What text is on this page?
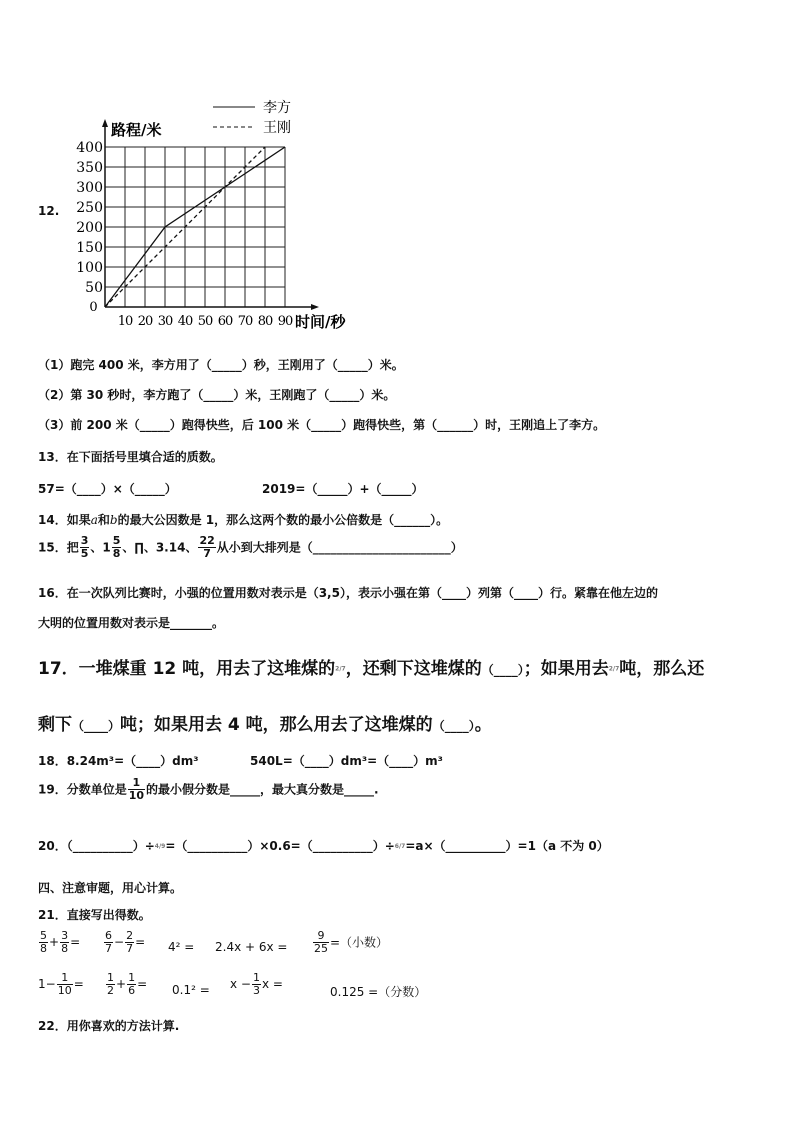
12.
李方
王刚
50
100
150
200
250
300
350
400
0
10 20 30 40 50 60 70 80 90
路程/米
时间/秒
（1）跑完 400 米，李方用了（_____）秒，王刚用了（_____）米。
（2）第 30 秒时，李方跑了（_____）米，王刚跑了（_____）米。
（3）前 200 米（_____）跑得快些，后 100 米（_____）跑得快些，第（______）时，王刚追上了李方。
13．在下面括号里填合适的质数。
57=（____）×（_____）	2019=（_____）+（_____）
14．如果a和b的最大公因数是 1，那么这两个数的最小公倍数是（______）。
15．把 $\frac{3}{5}$ 、$1 \frac{5}{8}$ 、∏、3.14、 $\frac{22}{7}$ 从小到大排列是（_______________________）
16．在一次队列比赛时，小强的位置用数对表示是（3,5），表示小强在第（____）列第（____）行。紧靠在他左边的
大明的位置用数对表示是_______。
17．一堆煤重 12 吨，用去了这堆煤的2/7，还剩下这堆煤的（____）；如果用去2/7吨，那么还
剩下（____）吨；如果用去 4 吨，那么用去了这堆煤的（____）。
18．8.24m³=（____）dm³	540L=（____）dm³=（____）m³
19．分数单位是 $\frac{1}{10}$ 的最小假分数是_____，最大真分数是_____.
20．（__________）÷4/9=（__________）×0.6=（__________）÷6/7=a×（__________）=1（a 不为 0）
四、注意审题，用心计算。
21．直接写出得数。
$\frac{5}{8} + \frac{3}{8} = \frac{6}{7} - \frac{2}{7} = 4^2 = 2.4x + 6x = \frac{9}{25}$ =（小数）
$1- \frac{1}{10} = \frac{1}{2} + \frac{1}{6} = 0.1^2 = x - \frac{1}{3}$ x =
0.125 =（分数）
22．用你喜欢的方法计算.
